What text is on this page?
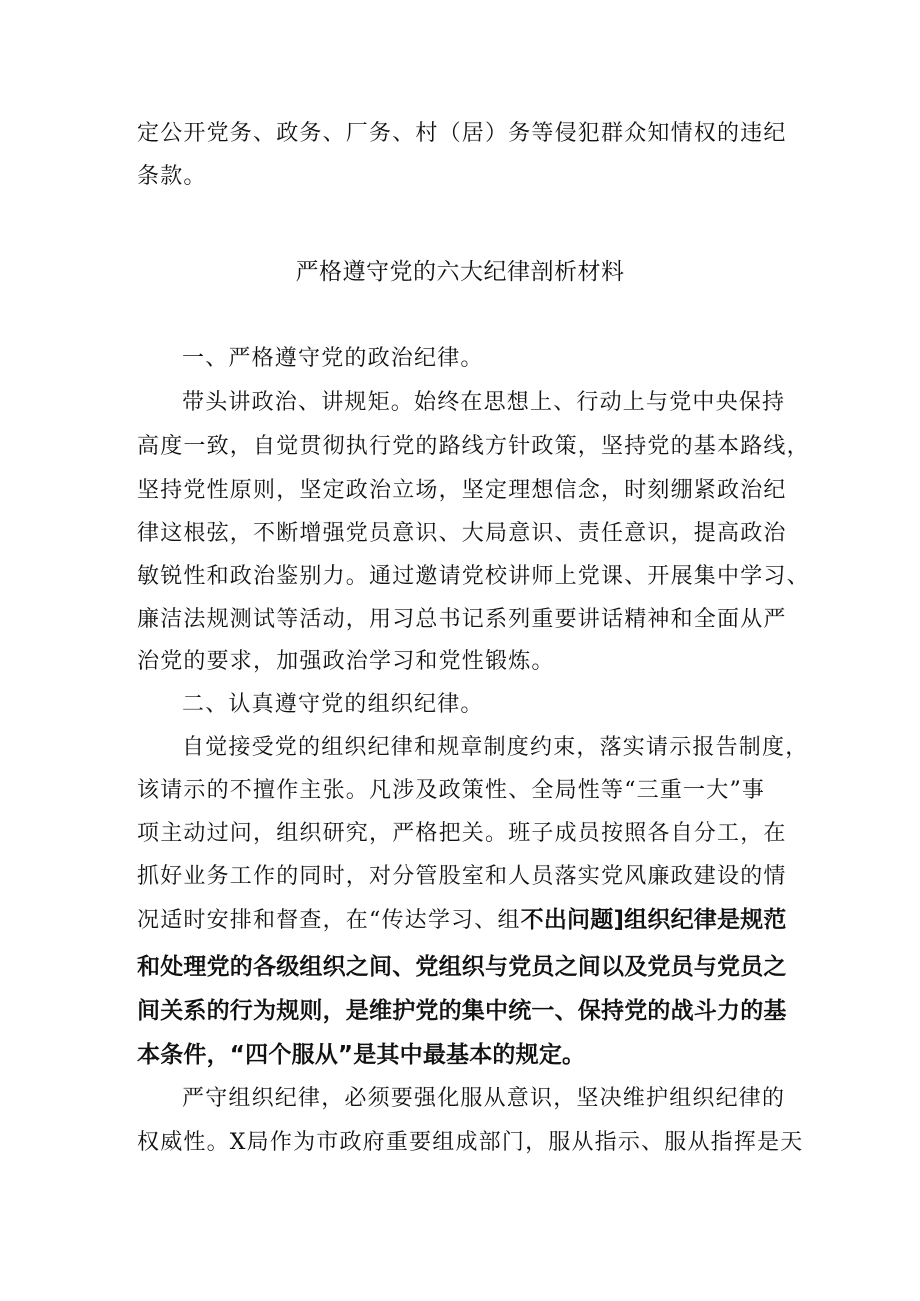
定公开党务、政务、厂务、村（居）务等侵犯群众知情权的违纪
条款。
严格遵守党的六大纪律剖析材料
一、严格遵守党的政治纪律。
带头讲政治、讲规矩。始终在思想上、行动上与党中央保持
高度一致，自觉贯彻执行党的路线方针政策，坚持党的基本路线，
坚持党性原则，坚定政治立场，坚定理想信念，时刻绷紧政治纪
律这根弦，不断增强党员意识、大局意识、责任意识，提高政治
敏锐性和政治鉴别力。通过邀请党校讲师上党课、开展集中学习、
廉洁法规测试等活动，用习总书记系列重要讲话精神和全面从严
治党的要求，加强政治学习和党性锻炼。
二、认真遵守党的组织纪律。
自觉接受党的组织纪律和规章制度约束，落实请示报告制度，
该请示的不擅作主张。凡涉及政策性、全局性等“三重一大”事
项主动过问，组织研究，严格把关。班子成员按照各自分工，在
抓好业务工作的同时，对分管股室和人员落实党风廉政建设的情
况适时安排和督查，在“传达学习、组不出问题]组织纪律是规范
和处理党的各级组织之间、党组织与党员之间以及党员与党员之
间关系的行为规则，是维护党的集中统一、保持党的战斗力的基
本条件，“四个服从”是其中最基本的规定。
严守组织纪律，必须要强化服从意识，坚决维护组织纪律的
权威性。X局作为市政府重要组成部门，服从指示、服从指挥是天
